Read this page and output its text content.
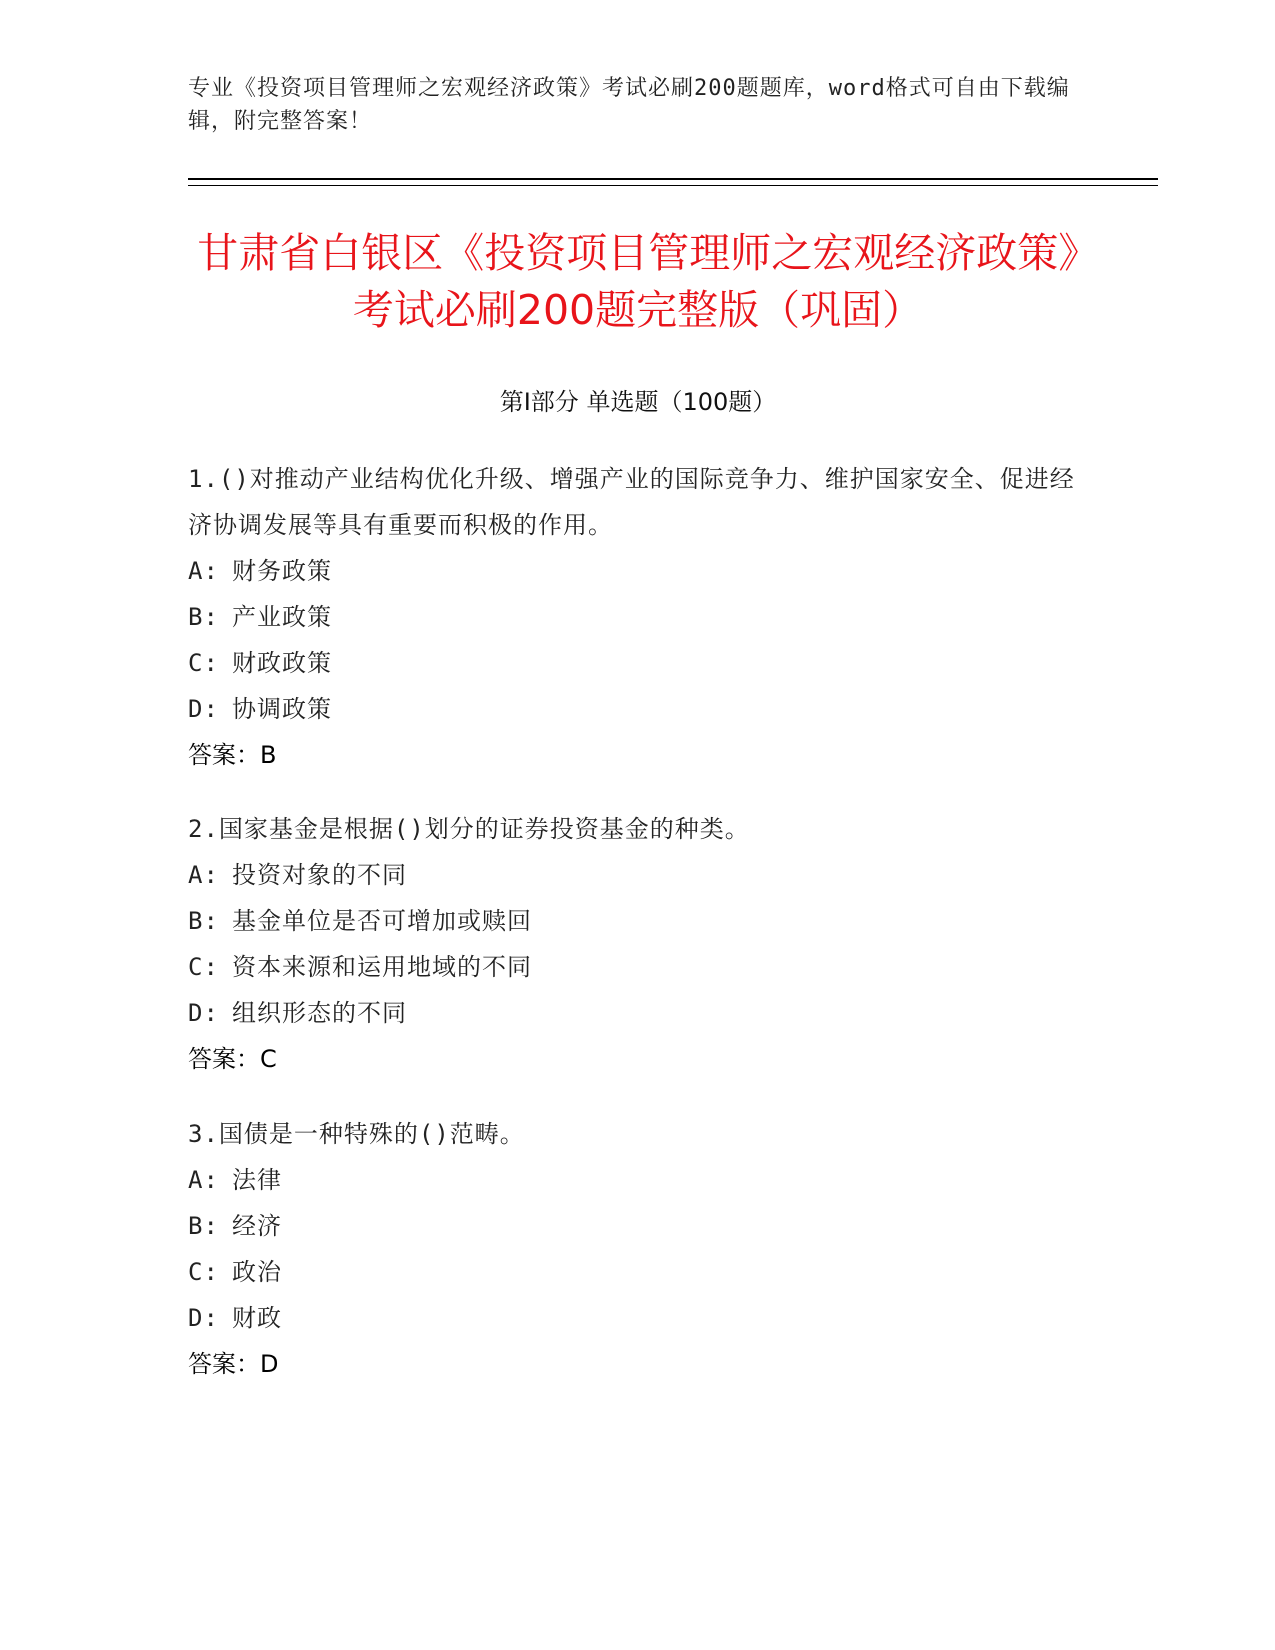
专业《投资项目管理师之宏观经济政策》考试必刷200题题库，word格式可自由下载编辑，附完整答案！
甘肃省白银区《投资项目管理师之宏观经济政策》考试必刷200题完整版（巩固）
第I部分 单选题（100题）
1.()对推动产业结构优化升级、增强产业的国际竞争力、维护国家安全、促进经济协调发展等具有重要而积极的作用。
A: 财务政策
B: 产业政策
C: 财政政策
D: 协调政策
答案：B
2.国家基金是根据()划分的证券投资基金的种类。
A: 投资对象的不同
B: 基金单位是否可增加或赎回
C: 资本来源和运用地域的不同
D: 组织形态的不同
答案：C
3.国债是一种特殊的()范畴。
A: 法律
B: 经济
C: 政治
D: 财政
答案：D
